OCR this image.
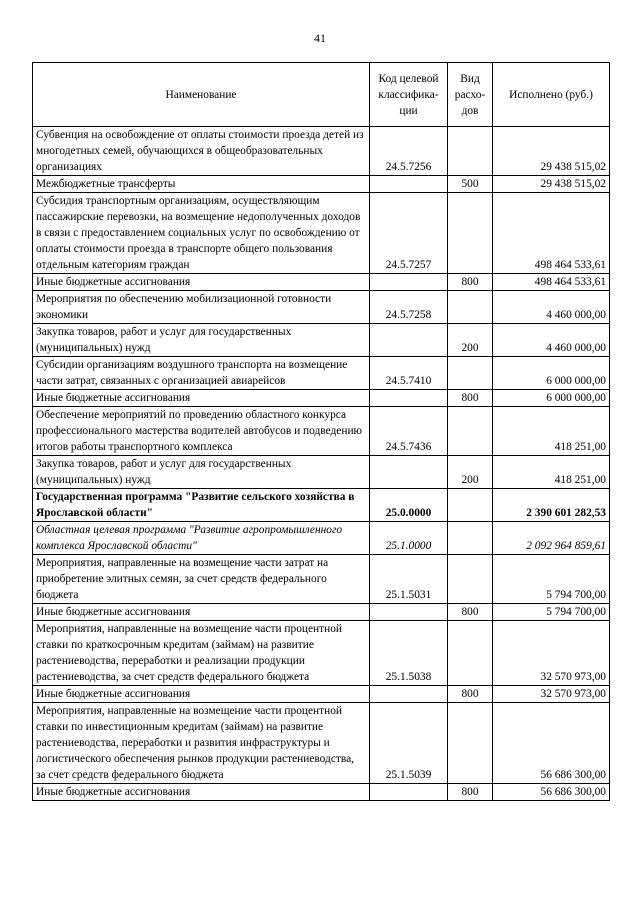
41
Наименование	Код целевой классифика-ции	Вид расхо-дов	Исполнено (руб.)
Субвенция на освобождение от оплаты стоимости проезда детей из многодетных семей, обучающихся в общеобразовательных организациях	24.5.7256		29 438 515,02
Межбюджетные трансферты		500	29 438 515,02
Субсидия транспортным организациям, осуществляющим пассажирские перевозки, на возмещение недополученных доходов в связи с предоставлением социальных услуг по освобождению от оплаты стоимости проезда в транспорте общего пользования отдельным категориям граждан	24.5.7257		498 464 533,61
Иные бюджетные ассигнования		800	498 464 533,61
Мероприятия по обеспечению мобилизационной готовности экономики	24.5.7258		4 460 000,00
Закупка товаров, работ и услуг для государственных (муниципальных) нужд		200	4 460 000,00
Субсидии организациям воздушного транспорта на возмещение части затрат, связанных с организацией авиарейсов	24.5.7410		6 000 000,00
Иные бюджетные ассигнования		800	6 000 000,00
Обеспечение мероприятий по проведению областного конкурса профессионального мастерства водителей автобусов и подведению итогов работы транспортного комплекса	24.5.7436		418 251,00
Закупка товаров, работ и услуг для государственных (муниципальных) нужд		200	418 251,00
Государственная программа "Развитие сельского хозяйства в Ярославской области"	25.0.0000		2 390 601 282,53
Областная целевая программа "Развитие агропромышленного комплекса Ярославской области"	25.1.0000		2 092 964 859,61
Мероприятия, направленные на возмещение части затрат на приобретение элитных семян, за счет средств федерального бюджета	25.1.5031		5 794 700,00
Иные бюджетные ассигнования		800	5 794 700,00
Мероприятия, направленные на возмещение части процентной ставки по краткосрочным кредитам (займам) на развитие растениеводства, переработки и реализации продукции растениеводства, за счет средств федерального бюджета	25.1.5038		32 570 973,00
Иные бюджетные ассигнования		800	32 570 973,00
Мероприятия, направленные на возмещение части процентной ставки по инвестиционным кредитам (займам) на развитие растениеводства, переработки и развития инфраструктуры и логистического обеспечения рынков продукции растениеводства, за счет средств федерального бюджета	25.1.5039		56 686 300,00
Иные бюджетные ассигнования		800	56 686 300,00
